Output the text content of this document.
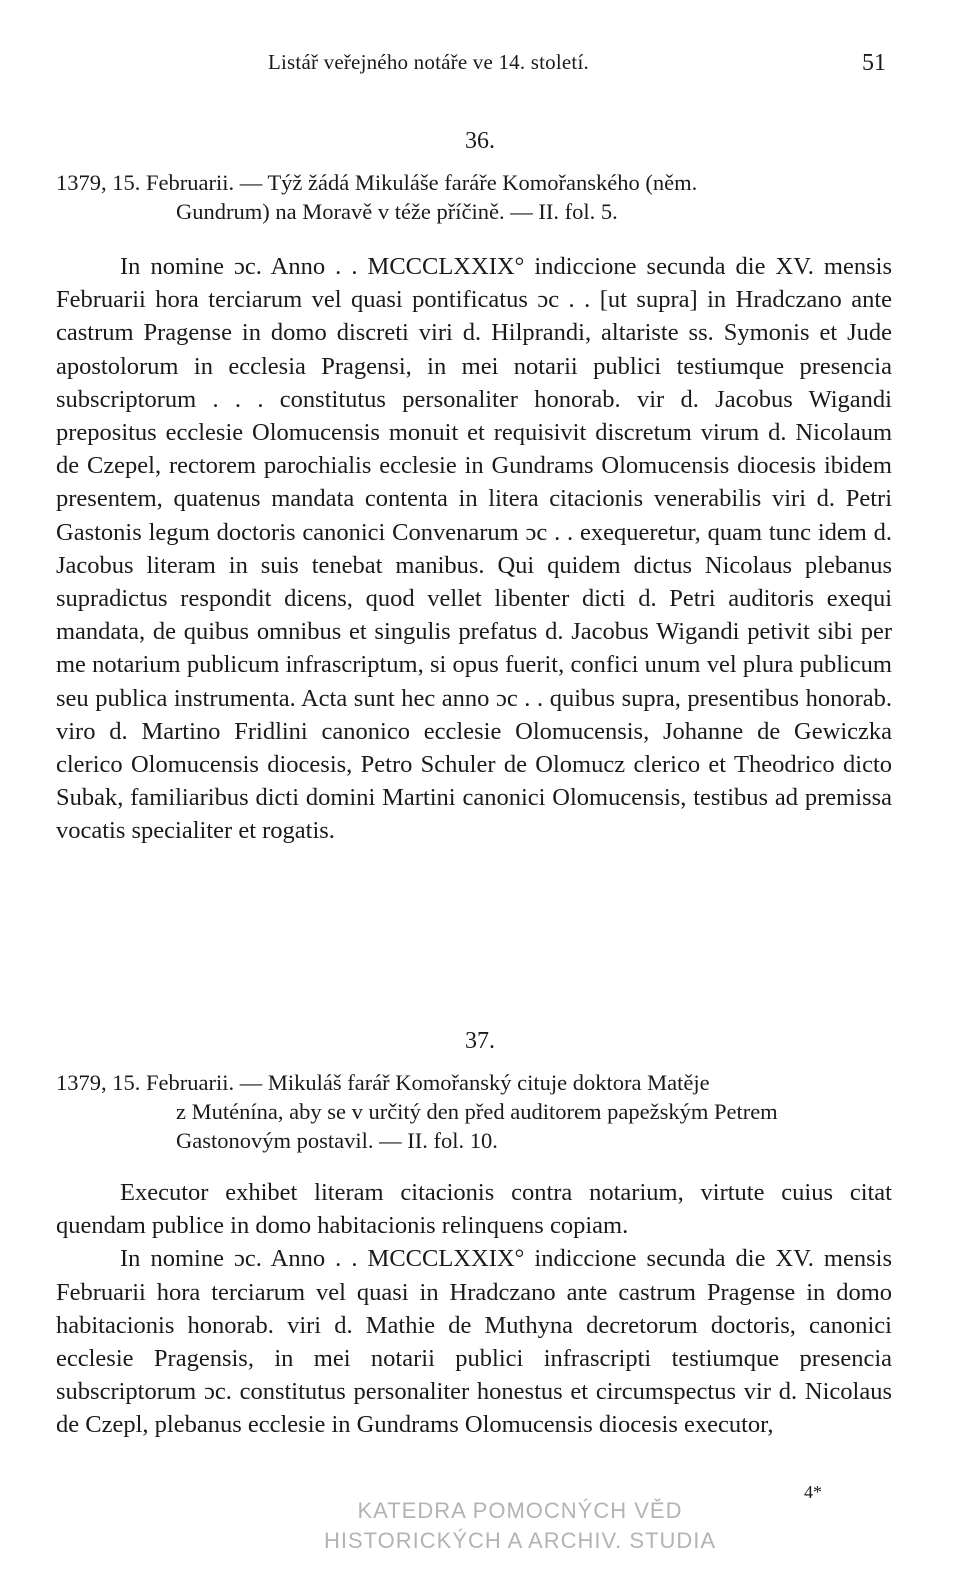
Listář veřejného notáře ve 14. století.	51
36.
1379, 15. Februarii. — Týž žádá Mikuláše faráře Komořanského (něm.
Gundrum) na Moravě v téže příčině. — II. fol. 5.

In nomine ɔc. Anno . . MCCCLXXIX° indiccione secunda die XV. mensis Februarii hora terciarum vel quasi pontificatus ɔc . . [ut supra] in Hradczano ante castrum Pragense in domo discreti viri d. Hilprandi, altariste ss. Symonis et Jude apostolorum in ecclesia Pragensi, in mei notarii publici testiumque presencia subscriptorum . . . constitutus personaliter honorab. vir d. Jacobus Wigandi prepositus ecclesie Olomucensis monuit et requisivit discretum virum d. Nicolaum de Czepel, rectorem parochialis ecclesie in Gundrams Olomucensis diocesis ibidem presentem, quatenus mandata contenta in litera citacionis venerabilis viri d. Petri Gastonis legum doctoris canonici Convenarum ɔc . . exequeretur, quam tunc idem d. Jacobus literam in suis tenebat manibus. Qui quidem dictus Nicolaus plebanus supradictus respondit dicens, quod vellet libenter dicti d. Petri auditoris exequi mandata, de quibus omnibus et singulis prefatus d. Jacobus Wigandi petivit sibi per me notarium publicum infrascriptum, si opus fuerit, confici unum vel plura publicum seu publica instrumenta. Acta sunt hec anno ɔc . . quibus supra, presentibus honorab. viro d. Martino Fridlini canonico ecclesie Olomucensis, Johanne de Gewiczka clerico Olomucensis diocesis, Petro Schuler de Olomucz clerico et Theodrico dicto Subak, familiaribus dicti domini Martini canonici Olomucensis, testibus ad premissa vocatis specialiter et rogatis.

37.
1379, 15. Februarii. — Mikuláš farář Komořanský cituje doktora Matěje
z Muténína, aby se v určitý den před auditorem papežským Petrem Gastonovým postavil. — II. fol. 10.

Executor exhibet literam citacionis contra notarium, virtute cuius citat quendam publice in domo habitacionis relinquens copiam.

In nomine ɔc. Anno . . MCCCLXXIX° indiccione secunda die XV. mensis Februarii hora terciarum vel quasi in Hradczano ante castrum Pragense in domo habitacionis honorab. viri d. Mathie de Muthyna decretorum doctoris, canonici ecclesie Pragensis, in mei notarii publici infrascripti testiumque presencia subscriptorum ɔc. constitutus personaliter honestus et circumspectus vir d. Nicolaus de Czepl, plebanus ecclesie in Gundrams Olomucensis diocesis executor,

4*
KATEDRA POMOCNÝCH VĚD
HISTORICKÝCH A ARCHIV. STUDIA
